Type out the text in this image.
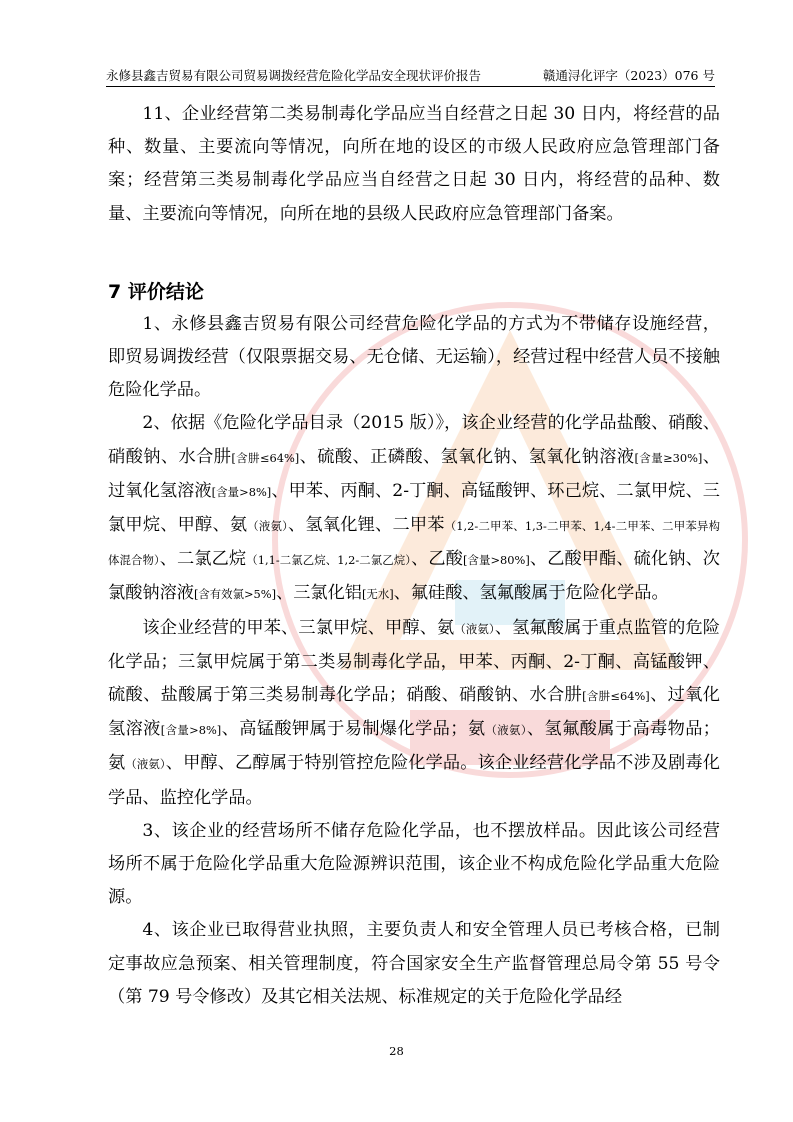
永修县鑫吉贸易有限公司贸易调拨经营危险化学品安全现状评价报告	赣通浔化评字（2023）076 号

11、企业经营第二类易制毒化学品应当自经营之日起 30 日内，将经营的品种、数量、主要流向等情况，向所在地的设区的市级人民政府应急管理部门备案；经营第三类易制毒化学品应当自经营之日起 30 日内，将经营的品种、数量、主要流向等情况，向所在地的县级人民政府应急管理部门备案。

7 评价结论

1、永修县鑫吉贸易有限公司经营危险化学品的方式为不带储存设施经营，即贸易调拨经营（仅限票据交易、无仓储、无运输），经营过程中经营人员不接触危险化学品。

2、依据《危险化学品目录（2015 版）》，该企业经营的化学品盐酸、硝酸、硝酸钠、水合肼[含肼≤64%]、硫酸、正磷酸、氢氧化钠、氢氧化钠溶液[含量≥30%]、过氧化氢溶液[含量>8%]、甲苯、丙酮、2-丁酮、高锰酸钾、环己烷、二氯甲烷、三氯甲烷、甲醇、氨（液氨）、氢氧化锂、二甲苯（1,2-二甲苯、1,3-二甲苯、1,4-二甲苯、二甲苯异构体混合物）、二氯乙烷（1,1-二氯乙烷、1,2-二氯乙烷）、乙酸[含量>80%]、乙酸甲酯、硫化钠、次氯酸钠溶液[含有效氯>5%]、三氯化铝[无水]、氟硅酸、氢氟酸属于危险化学品。

该企业经营的甲苯、三氯甲烷、甲醇、氨（液氨）、氢氟酸属于重点监管的危险化学品；三氯甲烷属于第二类易制毒化学品，甲苯、丙酮、2-丁酮、高锰酸钾、硫酸、盐酸属于第三类易制毒化学品；硝酸、硝酸钠、水合肼[含肼≤64%]、过氧化氢溶液[含量>8%]、高锰酸钾属于易制爆化学品；氨（液氨）、氢氟酸属于高毒物品；氨（液氨）、甲醇、乙醇属于特别管控危险化学品。该企业经营化学品不涉及剧毒化学品、监控化学品。

3、该企业的经营场所不储存危险化学品，也不摆放样品。因此该公司经营场所不属于危险化学品重大危险源辨识范围，该企业不构成危险化学品重大危险源。

4、该企业已取得营业执照，主要负责人和安全管理人员已考核合格，已制定事故应急预案、相关管理制度，符合国家安全生产监督管理总局令第 55 号令（第 79 号令修改）及其它相关法规、标准规定的关于危险化学品经

28
